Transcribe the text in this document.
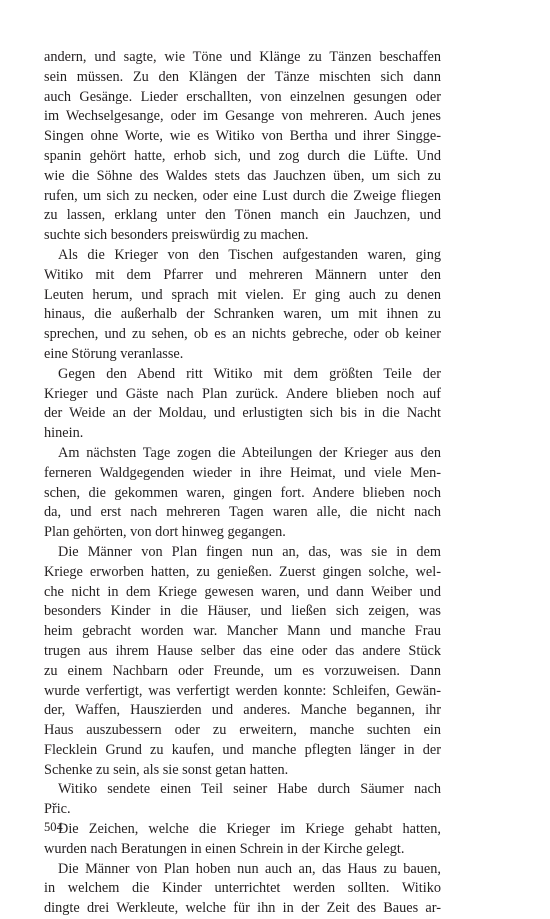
andern, und sagte, wie Töne und Klänge zu Tänzen beschaffen
sein müssen. Zu den Klängen der Tänze mischten sich dann
auch Gesänge. Lieder erschallten, von einzelnen gesungen oder
im Wechselgesange, oder im Gesange von mehreren. Auch jenes
Singen ohne Worte, wie es Witiko von Bertha und ihrer Singge-
spanin gehört hatte, erhob sich, und zog durch die Lüfte. Und
wie die Söhne des Waldes stets das Jauchzen üben, um sich zu
rufen, um sich zu necken, oder eine Lust durch die Zweige fliegen
zu lassen, erklang unter den Tönen manch ein Jauchzen, und
suchte sich besonders preiswürdig zu machen.
Als die Krieger von den Tischen aufgestanden waren, ging
Witiko mit dem Pfarrer und mehreren Männern unter den
Leuten herum, und sprach mit vielen. Er ging auch zu denen
hinaus, die außerhalb der Schranken waren, um mit ihnen zu
sprechen, und zu sehen, ob es an nichts gebreche, oder ob keiner
eine Störung veranlasse.
Gegen den Abend ritt Witiko mit dem größten Teile der
Krieger und Gäste nach Plan zurück. Andere blieben noch auf
der Weide an der Moldau, und erlustigten sich bis in die Nacht
hinein.
Am nächsten Tage zogen die Abteilungen der Krieger aus den
ferneren Waldgegenden wieder in ihre Heimat, und viele Men-
schen, die gekommen waren, gingen fort. Andere blieben noch
da, und erst nach mehreren Tagen waren alle, die nicht nach
Plan gehörten, von dort hinweg gegangen.
Die Männer von Plan fingen nun an, das, was sie in dem
Kriege erworben hatten, zu genießen. Zuerst gingen solche, wel-
che nicht in dem Kriege gewesen waren, und dann Weiber und
besonders Kinder in die Häuser, und ließen sich zeigen, was
heim gebracht worden war. Mancher Mann und manche Frau
trugen aus ihrem Hause selber das eine oder das andere Stück
zu einem Nachbarn oder Freunde, um es vorzuweisen. Dann
wurde verfertigt, was verfertigt werden konnte: Schleifen, Gewän-
der, Waffen, Hauszierden und anderes. Manche begannen, ihr
Haus auszubessern oder zu erweitern, manche suchten ein
Flecklein Grund zu kaufen, und manche pflegten länger in der
Schenke zu sein, als sie sonst getan hatten.
Witiko sendete einen Teil seiner Habe durch Säumer nach
Přic.
Die Zeichen, welche die Krieger im Kriege gehabt hatten,
wurden nach Beratungen in einen Schrein in der Kirche gelegt.
Die Männer von Plan hoben nun auch an, das Haus zu bauen,
in welchem die Kinder unterrichtet werden sollten. Witiko
dingte drei Werkleute, welche für ihn in der Zeit des Baues ar-
504
